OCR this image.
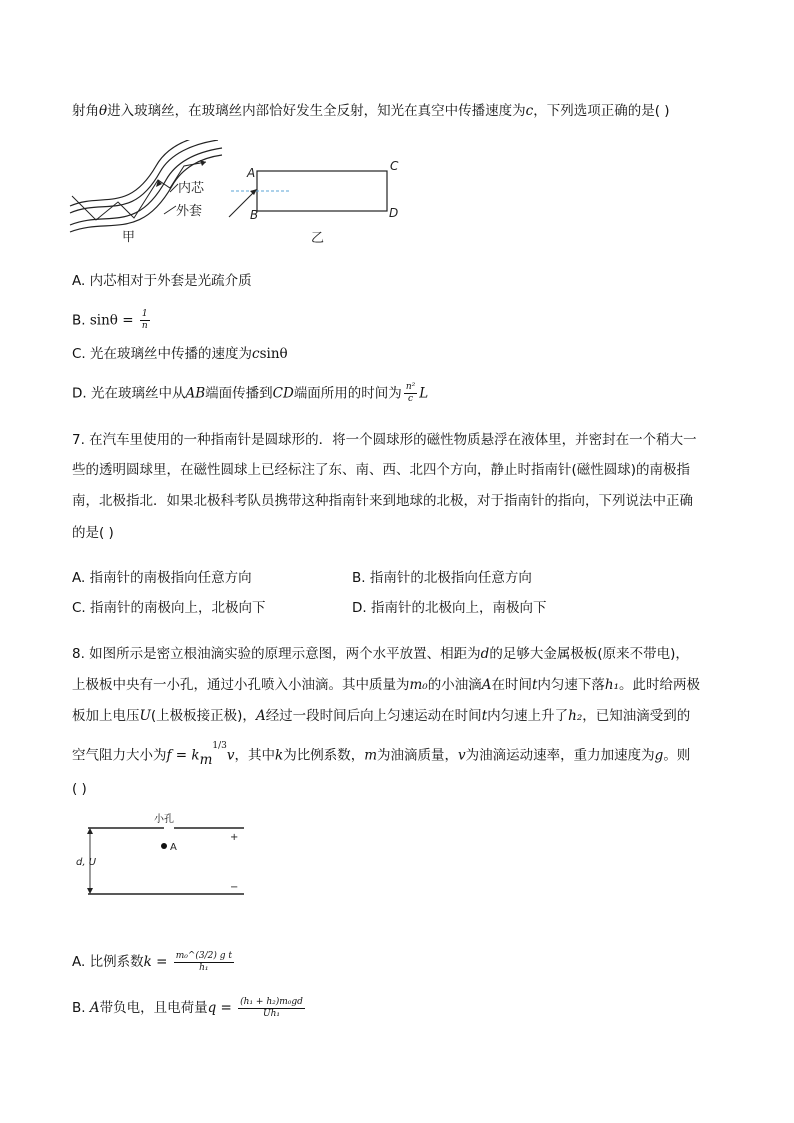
射角θ进入玻璃丝，在玻璃丝内部恰好发生全反射，知光在真空中传播速度为c，下列选项正确的是( )
内芯
外套
甲
A
B
C
D
乙
A. 内芯相对于外套是光疏介质
B. $\sin\theta = \frac{1}{n}$
C. 光在玻璃丝中传播的速度为csinθ
D. 光在玻璃丝中从AB端面传播到CD端面所用的时间为 $\frac{\text{n²}}{c}$ L
7. 在汽车里使用的一种指南针是圆球形的．将一个圆球形的磁性物质悬浮在液体里，并密封在一个稍大一
些的透明圆球里，在磁性圆球上已经标注了东、南、西、北四个方向，静止时指南针(磁性圆球)的南极指
南，北极指北．如果北极科考队员携带这种指南针来到地球的北极，对于指南针的指向，下列说法中正确
的是( )
A. 指南针的南极指向任意方向	B. 指南针的北极指向任意方向
C. 指南针的南极向上，北极向下	D. 指南针的北极向上，南极向下
8. 如图所示是密立根油滴实验的原理示意图，两个水平放置、相距为d的足够大金属极板(原来不带电)，
上极板中央有一小孔，通过小孔喷入小油滴。其中质量为m₀的小油滴A在时间t内匀速下落h₁。此时给两极
板加上电压U(上极板接正极)，A经过一段时间后向上匀速运动在时间t内匀速上升了h₂，已知油滴受到的
空气阻力大小为$f = km^{1/3}v$，其中k为比例系数，m为油滴质量，v为油滴运动速率，重力加速度为g。则
( )
小孔
A
d, U
+
−
A. 比例系数$k = \frac{\text{m₀\textasciicircum{}(3/2) g t}}{\text{h₁}}$
B. A带负电，且电荷量$q = \frac{\text{(h₁ + h₂)m₀gd}}{\text{Uh₁}}$
